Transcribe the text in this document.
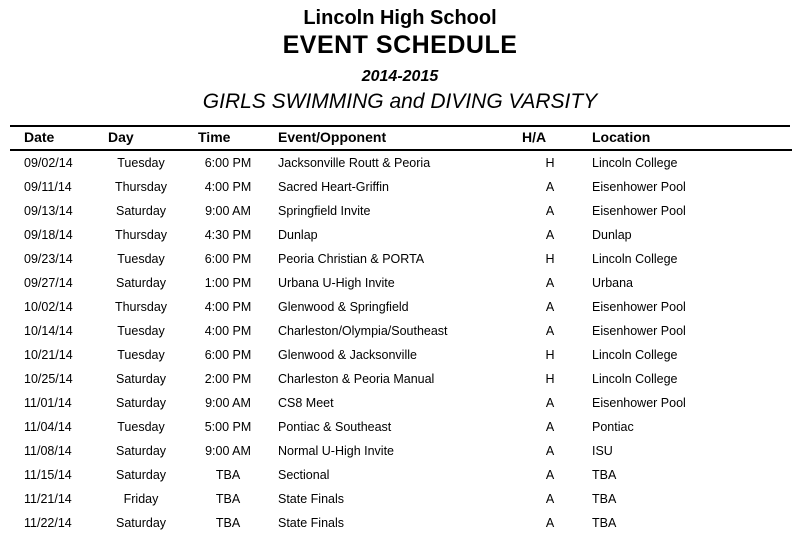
Lincoln High School
EVENT SCHEDULE
2014-2015
GIRLS SWIMMING and DIVING VARSITY
Date	Day	Time	Event/Opponent	H/A	Location
09/02/14	Tuesday	6:00 PM	Jacksonville Routt & Peoria	H	Lincoln College
09/11/14	Thursday	4:00 PM	Sacred Heart-Griffin	A	Eisenhower Pool
09/13/14	Saturday	9:00 AM	Springfield Invite	A	Eisenhower Pool
09/18/14	Thursday	4:30 PM	Dunlap	A	Dunlap
09/23/14	Tuesday	6:00 PM	Peoria Christian & PORTA	H	Lincoln College
09/27/14	Saturday	1:00 PM	Urbana U-High Invite	A	Urbana
10/02/14	Thursday	4:00 PM	Glenwood & Springfield	A	Eisenhower Pool
10/14/14	Tuesday	4:00 PM	Charleston/Olympia/Southeast	A	Eisenhower Pool
10/21/14	Tuesday	6:00 PM	Glenwood & Jacksonville	H	Lincoln College
10/25/14	Saturday	2:00 PM	Charleston & Peoria Manual	H	Lincoln College
11/01/14	Saturday	9:00 AM	CS8 Meet	A	Eisenhower Pool
11/04/14	Tuesday	5:00 PM	Pontiac & Southeast	A	Pontiac
11/08/14	Saturday	9:00 AM	Normal U-High Invite	A	ISU
11/15/14	Saturday	TBA	Sectional	A	TBA
11/21/14	Friday	TBA	State Finals	A	TBA
11/22/14	Saturday	TBA	State Finals	A	TBA
